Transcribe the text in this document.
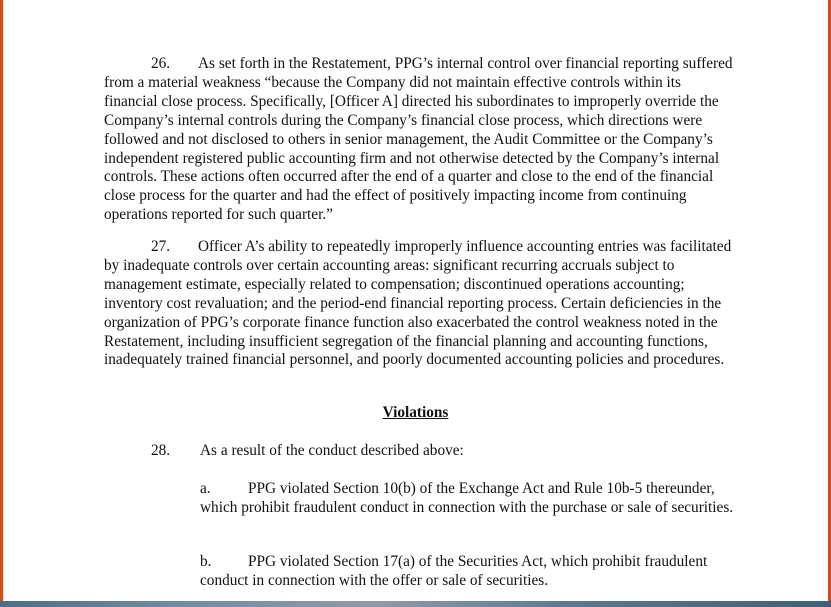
26. As set forth in the Restatement, PPG’s internal control over financial reporting suffered from a material weakness “because the Company did not maintain effective controls within its financial close process. Specifically, [Officer A] directed his subordinates to improperly override the Company’s internal controls during the Company’s financial close process, which directions were followed and not disclosed to others in senior management, the Audit Committee or the Company’s independent registered public accounting firm and not otherwise detected by the Company’s internal controls. These actions often occurred after the end of a quarter and close to the end of the financial close process for the quarter and had the effect of positively impacting income from continuing operations reported for such quarter.”

27. Officer A’s ability to repeatedly improperly influence accounting entries was facilitated by inadequate controls over certain accounting areas: significant recurring accruals subject to management estimate, especially related to compensation; discontinued operations accounting; inventory cost revaluation; and the period-end financial reporting process. Certain deficiencies in the organization of PPG’s corporate finance function also exacerbated the control weakness noted in the Restatement, including insufficient segregation of the financial planning and accounting functions, inadequately trained financial personnel, and poorly documented accounting policies and procedures.

Violations
28. As a result of the conduct described above:

a. PPG violated Section 10(b) of the Exchange Act and Rule 10b-5 thereunder, which prohibit fraudulent conduct in connection with the purchase or sale of securities.

b. PPG violated Section 17(a) of the Securities Act, which prohibit fraudulent conduct in connection with the offer or sale of securities.
